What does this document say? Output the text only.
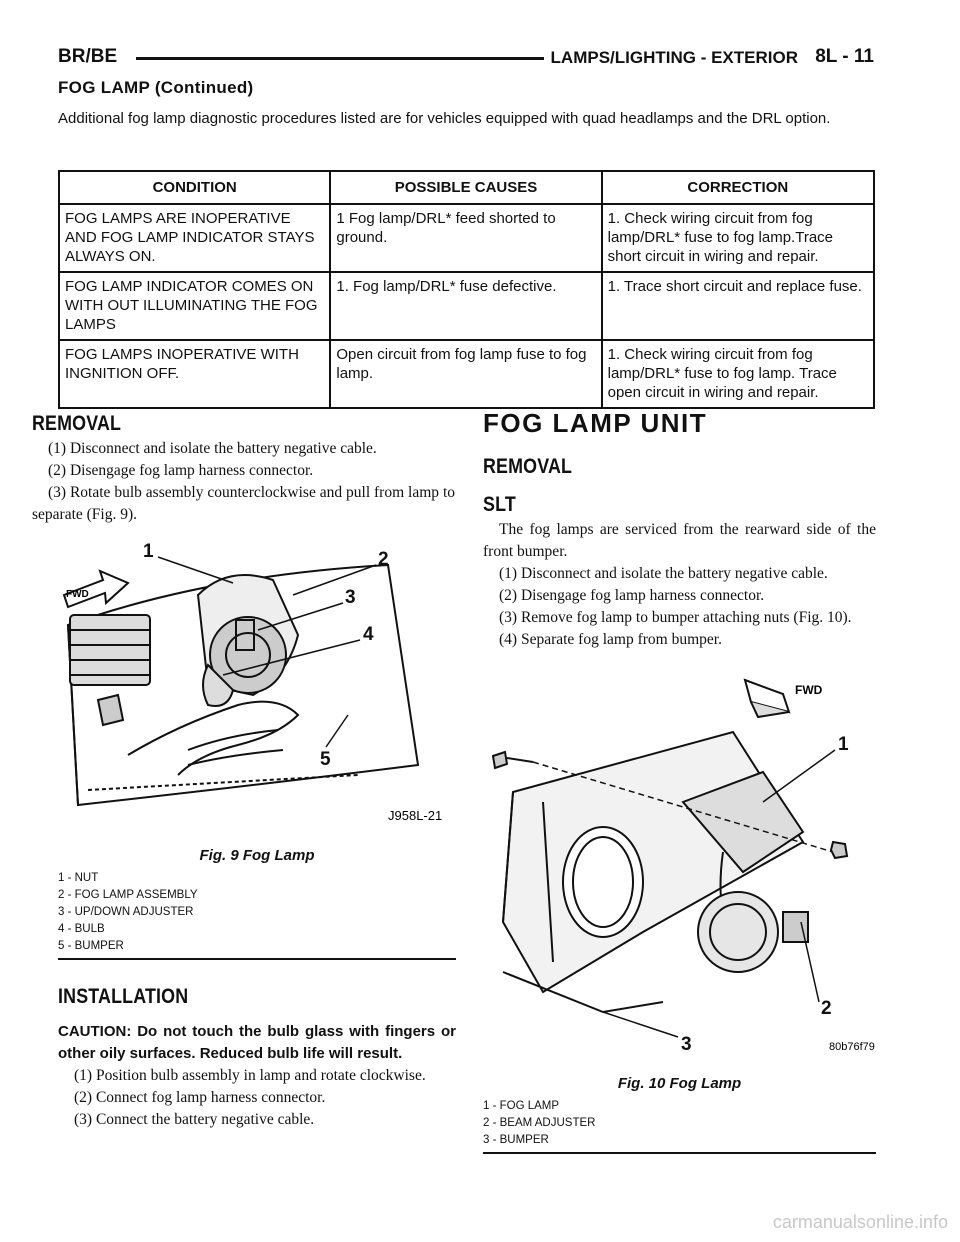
BR/BE	LAMPS/LIGHTING - EXTERIOR 8L - 11
FOG LAMP (Continued)
Additional fog lamp diagnostic procedures listed are for vehicles equipped with quad headlamps and the DRL option.
CONDITION	POSSIBLE CAUSES	CORRECTION
FOG LAMPS ARE INOPERATIVE AND FOG LAMP INDICATOR STAYS ALWAYS ON.	1 Fog lamp/DRL* feed shorted to ground.	1. Check wiring circuit from fog lamp/DRL* fuse to fog lamp.Trace short circuit in wiring and repair.
FOG LAMP INDICATOR COMES ON WITH OUT ILLUMINATING THE FOG LAMPS	1. Fog lamp/DRL* fuse defective.	1. Trace short circuit and replace fuse.
FOG LAMPS INOPERATIVE WITH INGNITION OFF.	Open circuit from fog lamp fuse to fog lamp.	1. Check wiring circuit from fog lamp/DRL* fuse to fog lamp. Trace open circuit in wiring and repair.
REMOVAL

(1) Disconnect and isolate the battery negative cable.

(2) Disengage fog lamp harness connector.

(3) Rotate bulb assembly counterclockwise and pull from lamp to separate (Fig. 9).

FWD
1	2
3
4
5
J958L-21
Fig. 9 Fog Lamp
1 - NUT
2 - FOG LAMP ASSEMBLY
3 - UP/DOWN ADJUSTER
4 - BULB
5 - BUMPER
INSTALLATION

CAUTION: Do not touch the bulb glass with fingers or other oily surfaces. Reduced bulb life will result.

(1) Position bulb assembly in lamp and rotate clockwise.

(2) Connect fog lamp harness connector.

(3) Connect the battery negative cable.

FOG LAMP UNIT
REMOVAL
SLT

The fog lamps are serviced from the rearward side of the front bumper.

(1) Disconnect and isolate the battery negative cable.

(2) Disengage fog lamp harness connector.

(3) Remove fog lamp to bumper attaching nuts (Fig. 10).

(4) Separate fog lamp from bumper.

FWD
1
2
3	80b76f79
Fig. 10 Fog Lamp
1 - FOG LAMP
2 - BEAM ADJUSTER
3 - BUMPER
carmanualsonline.info
